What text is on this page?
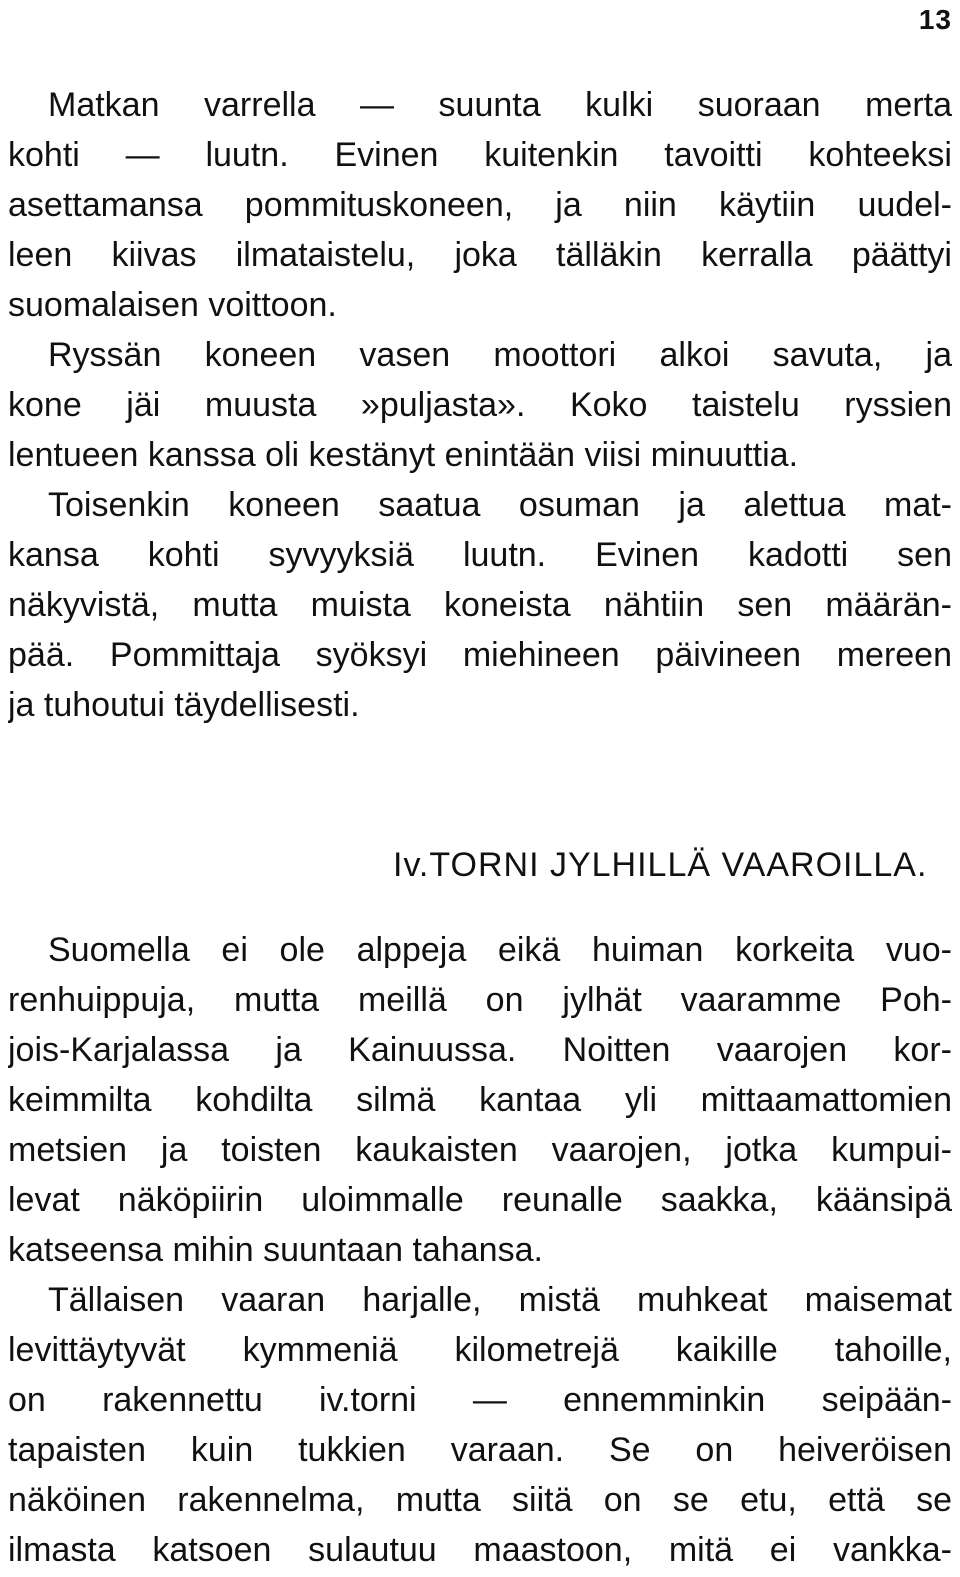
13
Matkan varrella — suunta kulki suoraan merta
kohti — luutn. Evinen kuitenkin tavoitti kohteeksi
asettamansa pommituskoneen, ja niin käytiin uudel-
leen kiivas ilmataistelu, joka tälläkin kerralla päättyi
suomalaisen voittoon.
Ryssän koneen vasen moottori alkoi savuta, ja
kone jäi muusta »puljasta». Koko taistelu ryssien
lentueen kanssa oli kestänyt enintään viisi minuuttia.
Toisenkin koneen saatua osuman ja alettua mat-
kansa kohti syvyyksiä luutn. Evinen kadotti sen
näkyvistä, mutta muista koneista nähtiin sen määrän-
pää. Pommittaja syöksyi miehineen päivineen mereen
ja tuhoutui täydellisesti.
Iv.TORNI JYLHILLÄ VAAROILLA.
Suomella ei ole alppeja eikä huiman korkeita vuo-
renhuippuja, mutta meillä on jylhät vaaramme Poh-
jois-Karjalassa ja Kainuussa. Noitten vaarojen kor-
keimmilta kohdilta silmä kantaa yli mittaamattomien
metsien ja toisten kaukaisten vaarojen, jotka kumpui-
levat näköpiirin uloimmalle reunalle saakka, käänsipä
katseensa mihin suuntaan tahansa.
Tällaisen vaaran harjalle, mistä muhkeat maisemat
levittäytyvät kymmeniä kilometrejä kaikille tahoille,
on rakennettu iv.torni — ennemminkin seipään-
tapaisten kuin tukkien varaan. Se on heiveröisen
näköinen rakennelma, mutta siitä on se etu, että se
ilmasta katsoen sulautuu maastoon, mitä ei vankka-
